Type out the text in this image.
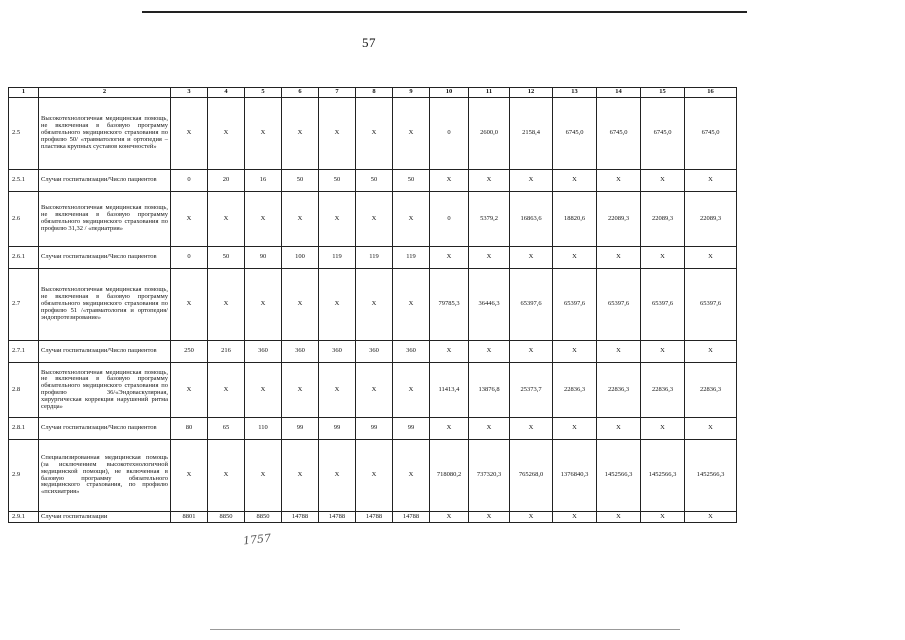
57
1	2	3	4	5	6	7	8	9	10	11	12	13	14	15	16
2.5	Высокотехнологичная медицинская помощь, не включенная в базовую программу обязательного медицинского страхования по профилю 50/ «травматология и ортопедия – пластика крупных суставов конечностей»	X	X	X	X	X	X	X	0	2600,0	2158,4	6745,0	6745,0	6745,0	6745,0
2.5.1	Случаи госпитализации/Число пациентов	0	20	16	50	50	50	50	X	X	X	X	X	X	X
2.6	Высокотехнологичная медицинская помощь, не включенная в базовую программу обязательного медицинского страхования по профилю 31,32 / «педиатрия»	X	X	X	X	X	X	X	0	5379,2	16863,6	18820,6	22089,3	22089,3	22089,3
2.6.1	Случаи госпитализации/Число пациентов	0	50	90	100	119	119	119	X	X	X	X	X	X	X
2.7	Высокотехнологичная медицинская помощь, не включенная в базовую программу обязательного медицинского страхования по профилю 51 /«травматология и ортопедия/эндопротезирование»	X	X	X	X	X	X	X	79785,3	36446,3	65397,6	65397,6	65397,6	65397,6	65397,6
2.7.1	Случаи госпитализации/Число пациентов	250	216	360	360	360	360	360	X	X	X	X	X	X	X
2.8	Высокотехнологичная медицинская помощь, не включенная в базовую программу обязательного медицинского страхования по профилю 36/«Эндоваскулярная, хирургическая коррекция нарушений ритма сердца»	X	X	X	X	X	X	X	11413,4	13876,8	25373,7	22836,3	22836,3	22836,3	22836,3
2.8.1	Случаи госпитализации/Число пациентов	80	65	110	99	99	99	99	X	X	X	X	X	X	X
2.9	Специализированная медицинская помощь (за исключением высокотехнологичной медицинской помощи), не включенная в базовую программу обязательного медицинского страхования, по профилю «психиатрия»	X	X	X	X	X	X	X	718080,2	737320,3	765268,0	1376840,3	1452566,3	1452566,3	1452566,3
2.9.1	Случаи госпитализации	8801	8850	8850	14788	14788	14788	14788	X	X	X	X	X	X	X
1757
